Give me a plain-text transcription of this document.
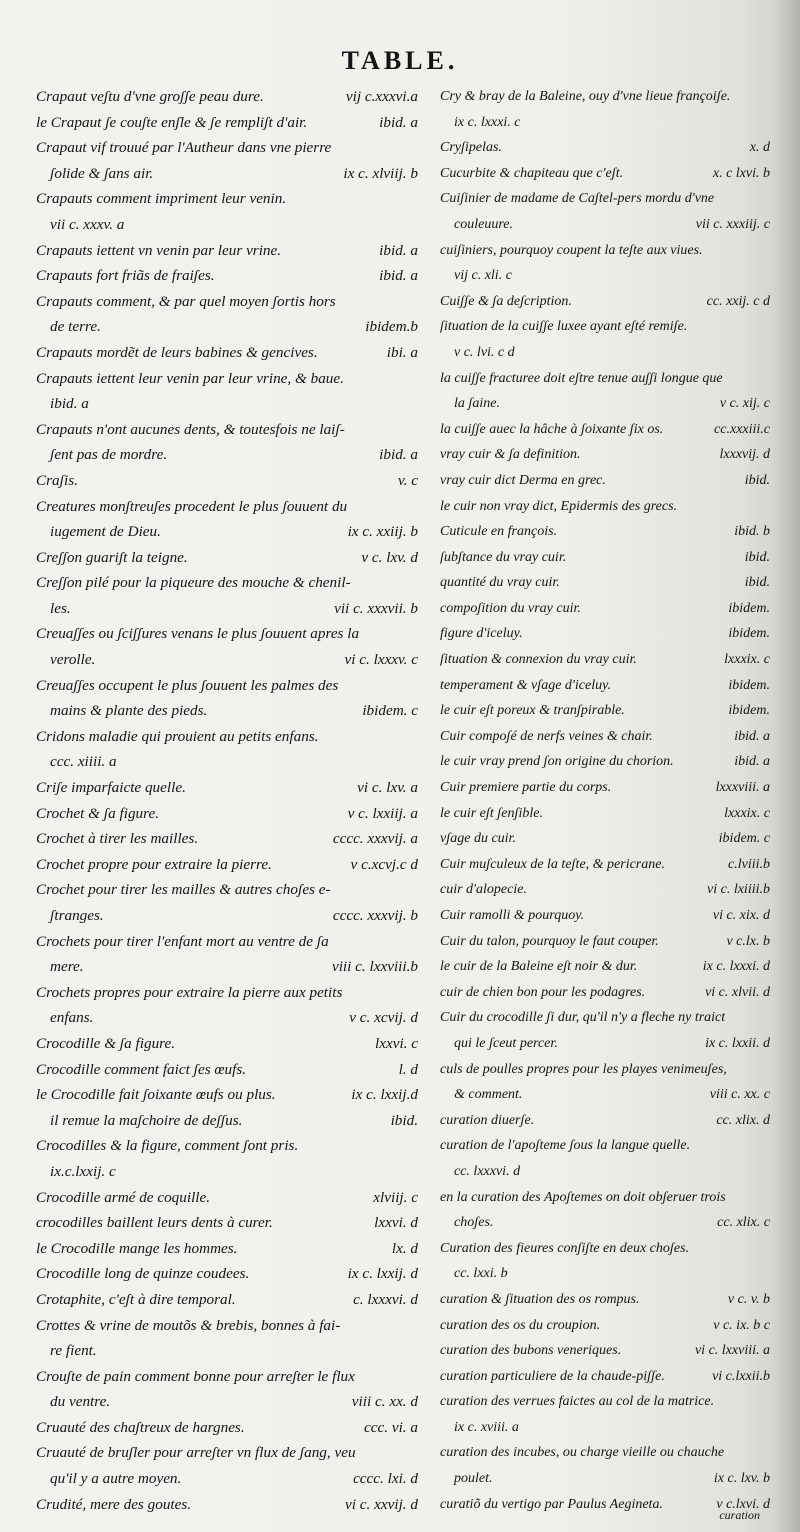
TABLE.
Crapaut veʃtu d'vne groʃʃe peau dure.	vij c.xxxvi.a
le Crapaut ʃe couʃte enʃle & ʃe rempliʃt d'air.	ibid. a
Crapaut vif trouué par l'Autheur dans vne pierre
ʃolide & ʃans air.	ix c. xlviij. b
Crapauts comment impriment leur venin.
vii c. xxxv. a
Crapauts iettent vn venin par leur vrine.	ibid. a
Crapauts fort friãs de fraiʃes.	ibid. a
Crapauts comment, & par quel moyen ʃortis hors
de terre.	ibidem.b
Crapauts mordẽt de leurs babines & gencives.	ibi. a
Crapauts iettent leur venin par leur vrine, & baue.
ibid. a
Crapauts n'ont aucunes dents, & toutesfois ne laiʃ-
ʃent pas de mordre.	ibid. a
Craʃis.	v. c
Creatures monʃtreuʃes procedent le plus ʃouuent du
iugement de Dieu.	ix c. xxiij. b
Creʃʃon guariʃt la teigne.	v c. lxv. d
Creʃʃon pilé pour la piqueure des mouche & chenil-
les.	vii c. xxxvii. b
Creuaʃʃes ou ʃciʃʃures venans le plus ʃouuent apres la
verolle.	vi c. lxxxv. c
Creuaʃʃes occupent le plus ʃouuent les palmes des
mains & plante des pieds.	ibidem. c
Cridons maladie qui prouient au petits enfans.
ccc. xiiii. a
Criʃe imparfaicte quelle.	vi c. lxv. a
Crochet & ʃa figure.	v c. lxxiij. a
Crochet à tirer les mailles.	cccc. xxxvij. a
Crochet propre pour extraire la pierre.	v c.xcvj.c d
Crochet pour tirer les mailles & autres choʃes e-
ʃtranges.	cccc. xxxvij. b
Crochets pour tirer l'enfant mort au ventre de ʃa
mere.	viii c. lxxviii.b
Crochets propres pour extraire la pierre aux petits
enfans.	v c. xcvij. d
Crocodille & ʃa figure.	lxxvi. c
Crocodille comment faict ʃes œufs.	l. d
le Crocodille fait ʃoixante œufs ou plus.	ix c. lxxij.d
il remue la maʃchoire de deʃʃus.	ibid.
Crocodilles & la figure, comment ʃont pris.
ix.c.lxxij. c
Crocodille armé de coquille.	xlviij. c
crocodilles baillent leurs dents à curer.	lxxvi. d
le Crocodille mange les hommes.	lx. d
Crocodille long de quinze coudees.	ix c. lxxij. d
Crotaphite, c'eʃt à dire temporal.	c. lxxxvi. d
Crottes & vrine de moutõs & brebis, bonnes à fai-
re fient.
Crouʃte de pain comment bonne pour arreʃter le flux
du ventre.	viii c. xx. d
Cruauté des chaʃtreux de hargnes.	ccc. vi. a
Cruauté de bruʃler pour arreʃter vn flux de ʃang, veu
qu'il y a autre moyen.	cccc. lxi. d
Crudité, mere des goutes.	vi c. xxvij. d
Cry & bray de la Baleine, ouy d'vne lieue françoiʃe.
ix c. lxxxi. c
Cryʃipelas.	x. d
Cucurbite & chapiteau que c'eʃt.	x. c lxvi. b
Cuiʃinier de madame de Caʃtel-pers mordu d'vne
couleuure.	vii c. xxxiij. c
cuiʃiniers, pourquoy coupent la teʃte aux viues.
vij c. xli. c
Cuiʃʃe & ʃa deʃcription.	cc. xxij. c d
ʃituation de la cuiʃʃe luxee ayant eʃté remiʃe.
v c. lvi. c d
la cuiʃʃe fracturee doit eʃtre tenue auʃʃi longue que
la ʃaine.	v c. xij. c
la cuiʃʃe auec la hâche à ʃoixante ʃix os.	cc.xxxiii.c
vray cuir & ʃa definition.	lxxxvij. d
vray cuir dict Derma en grec.	ibid.
le cuir non vray dict, Epidermis des grecs.
Cuticule en françois.	ibid. b
ʃubʃtance du vray cuir.	ibid.
quantité du vray cuir.	ibid.
compoʃition du vray cuir.	ibidem.
figure d'iceluy.	ibidem.
ʃituation & connexion du vray cuir.	lxxxix. c
temperament & vʃage d'iceluy.	ibidem.
le cuir eʃt poreux & tranʃpirable.	ibidem.
Cuir compoʃé de nerfs veines & chair.	ibid. a
le cuir vray prend ʃon origine du chorion.	ibid. a
Cuir premiere partie du corps.	lxxxviii. a
le cuir eʃt ʃenʃible.	lxxxix. c
vʃage du cuir.	ibidem. c
Cuir muʃculeux de la teʃte, & pericrane.	c.lviii.b
cuir d'alopecie.	vi c. lxiiii.b
Cuir ramolli & pourquoy.	vi c. xix. d
Cuir du talon, pourquoy le faut couper.	v c.lx. b
le cuir de la Baleine eʃt noir & dur.	ix c. lxxxi. d
cuir de chien bon pour les podagres.	vi c. xlvii. d
Cuir du crocodille ʃi dur, qu'il n'y a fleche ny traict
qui le ʃceut percer.	ix c. lxxii. d
culs de poulles propres pour les playes venimeuʃes,
& comment.	viii c. xx. c
curation diuerʃe.	cc. xlix. d
curation de l'apoʃteme ʃous la langue quelle.
cc. lxxxvi. d
en la curation des Apoʃtemes on doit obʃeruer trois
choʃes.	cc. xlix. c
Curation des fieures conʃiʃte en deux choʃes.
cc. lxxi. b
curation & ʃituation des os rompus.	v c. v. b
curation des os du croupion.	v c. ix. b c
curation des bubons veneriques.	vi c. lxxviii. a
curation particuliere de la chaude-piʃʃe.	vi c.lxxii.b
curation des verrues faictes au col de la matrice.
ix c. xviii. a
curation des incubes, ou charge vieille ou chauche
poulet.	ix c. lxv. b
curatiõ du vertigo par Paulus Aegineta.	v c.lxvi. d
curation
